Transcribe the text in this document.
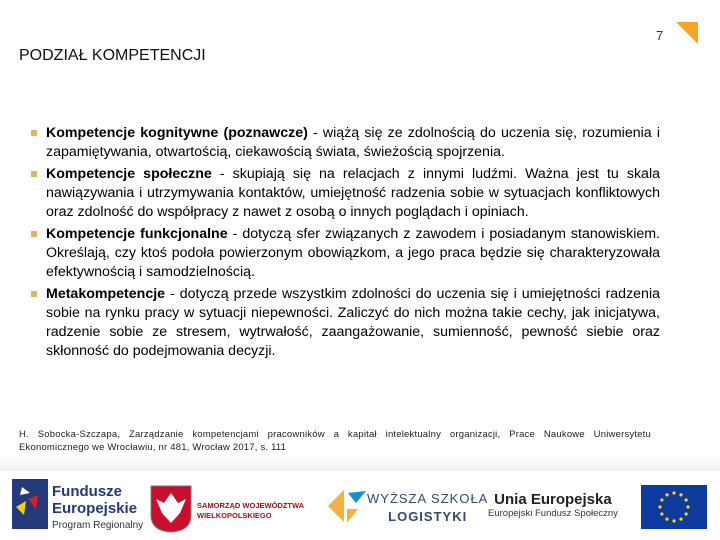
7
PODZIAŁ KOMPETENCJI
Kompetencje kognitywne (poznawcze) - wiążą się ze zdolnością do uczenia się, rozumienia i zapamiętywania, otwartością, ciekawością świata, świeżością spojrzenia.
Kompetencje społeczne - skupiają się na relacjach z innymi ludźmi. Ważna jest tu skala nawiązywania i utrzymywania kontaktów, umiejętność radzenia sobie w sytuacjach konfliktowych oraz zdolność do współpracy z nawet z osobą o innych poglądach i opiniach.
Kompetencje funkcjonalne - dotyczą sfer związanych z zawodem i posiadanym stanowiskiem. Określają, czy ktoś podoła powierzonym obowiązkom, a jego praca będzie się charakteryzowała efektywnością i samodzielnością.
Metakompetencje - dotyczą przede wszystkim zdolności do uczenia się i umiejętności radzenia sobie na rynku pracy w sytuacji niepewności. Zaliczyć do nich można takie cechy, jak inicjatywa, radzenie sobie ze stresem, wytrwałość, zaangażowanie, sumienność, pewność siebie oraz skłonność do podejmowania decyzji.
H. Sobocka-Szczapa, Zarządzanie kompetencjami pracowników a kapitał intelektualny organizacji, Prace Naukowe Uniwersytetu Ekonomicznego we Wrocławiu, nr 481, Wrocław 2017, s. 111
Fundusze
Europejskie
Program Regionalny
SAMORZĄD WOJEWÓDZTWA
WIELKOPOLSKIEGO
WYŻSZA SZKOŁA
LOGISTYKI
Unia Europejska
Europejski Fundusz Społeczny
